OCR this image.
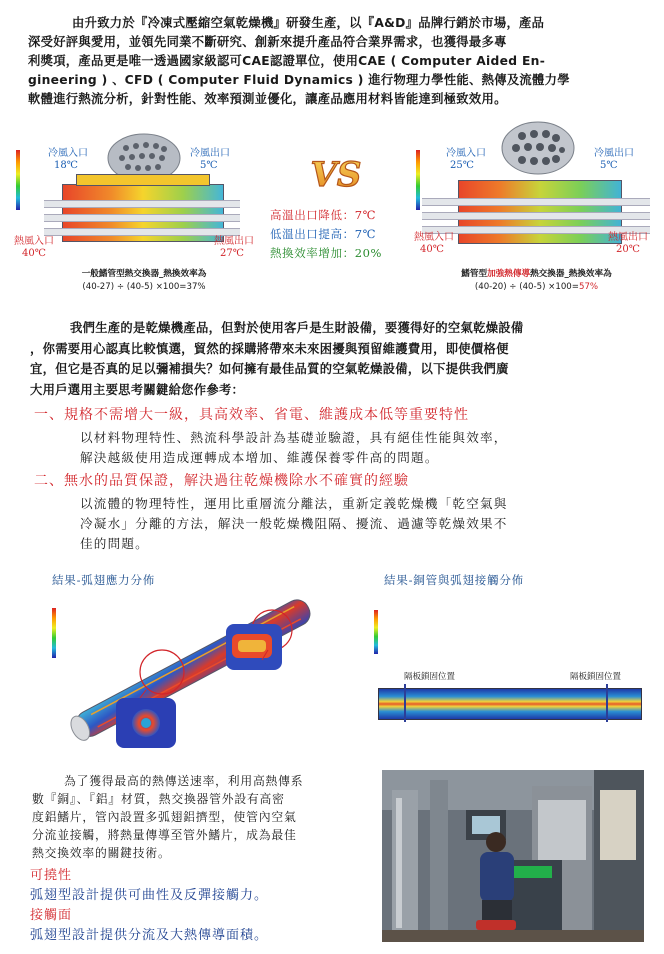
由升致力於『冷凍式壓縮空氣乾燥機』研發生產，以『A&D』品牌行銷於市場，產品
深受好評與愛用，並領先同業不斷研究、創新來提升產品符合業界需求，也獲得最多專
利獎項，產品更是唯一透過國家級認可CAE認證單位，使用CAE ( Computer Aided En-
gineering ) 、CFD ( Computer Fluid Dynamics ) 進行物理力學性能、熱傳及流體力學
軟體進行熱流分析，針對性能、效率預測並優化，讓產品應用材料皆能達到極致效用。
冷風入口
18℃
冷風出口
5℃
熱風入口
40℃
熱風出口
27℃
一般鰭管型熱交換器_熱換效率為
(40-27) ÷ (40-5) ×100=37%
VS
高溫出口降低：7℃
低溫出口提高：7℃
熱換效率增加：20%
冷風入口
25℃
冷風出口
5℃
熱風入口
40℃
熱風出口
20℃
鰭管型加強熱傳導熱交換器_熱換效率為
(40-20) ÷ (40-5) ×100=57%
我們生產的是乾燥機產品，但對於使用客戶是生財設備，要獲得好的空氣乾燥設備
，你需要用心認真比較慎選，貿然的採購將帶來未來困擾與預留維護費用，即使價格便
宜，但它是否真的足以彌補損失？如何擁有最佳品質的空氣乾燥設備，以下提供我們廣
大用戶選用主要思考關鍵給您作參考：
一、規格不需增大一級，具高效率、省電、維護成本低等重要特性
以材料物理特性、熱流科學設計為基礎並驗證，具有絕佳性能與效率，
解決越級使用造成運轉成本增加、維護保養零件高的問題。
二、無水的品質保證，解決過往乾燥機除水不確實的經驗
以流體的物理特性，運用比重層流分離法，重新定義乾燥機「乾空氣與
冷凝水」分離的方法，解決一般乾燥機阻隔、擾流、過濾等乾燥效果不
佳的問題。
結果-弧翅應力分佈	結果-銅管與弧翅接觸分佈
隔板鎖固位置	隔板鎖固位置
為了獲得最高的熱傳送速率，利用高熱傳系
數『銅』、『鋁』材質，熱交換器管外設有高密
度鋁鰭片，管內設置多弧翅鋁擠型，使管內空氣
分流並接觸，將熱量傳導至管外鰭片，成為最佳
熱交換效率的關鍵技術。
可撓性
弧翅型設計提供可曲性及反彈接觸力。
接觸面
弧翅型設計提供分流及大熱傳導面積。
